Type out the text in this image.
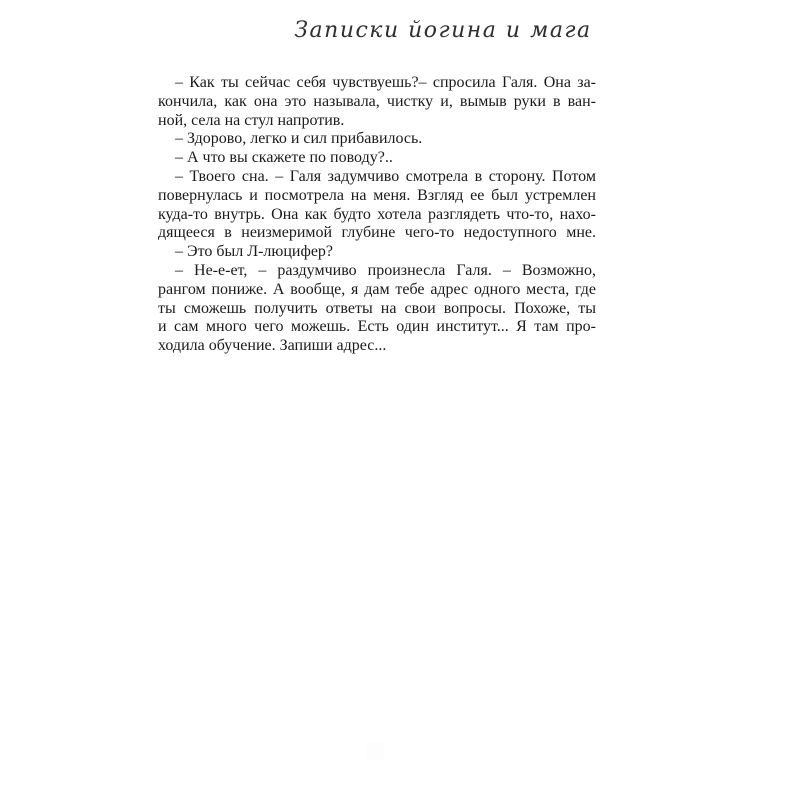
Записки йогина и мага
– Как ты сейчас себя чувствуешь?– спросила Галя. Она за-
кончила, как она это называла, чистку и, вымыв руки в ван-
ной, села на стул напротив.
– Здорово, легко и сил прибавилось.
– А что вы скажете по поводу?..
– Твоего сна. – Галя задумчиво смотрела в сторону. Потом
повернулась и посмотрела на меня. Взгляд ее был устремлен
куда-то внутрь. Она как будто хотела разглядеть что-то, нахо-
дящееся в неизмеримой глубине чего-то недоступного мне.
– Это был Л-люцифер?
– Не-е-ет, – раздумчиво произнесла Галя. – Возможно,
рангом пониже. А вообще, я дам тебе адрес одного места, где
ты сможешь получить ответы на свои вопросы. Похоже, ты
и сам много чего можешь. Есть один институт... Я там про-
ходила обучение. Запиши адрес...
